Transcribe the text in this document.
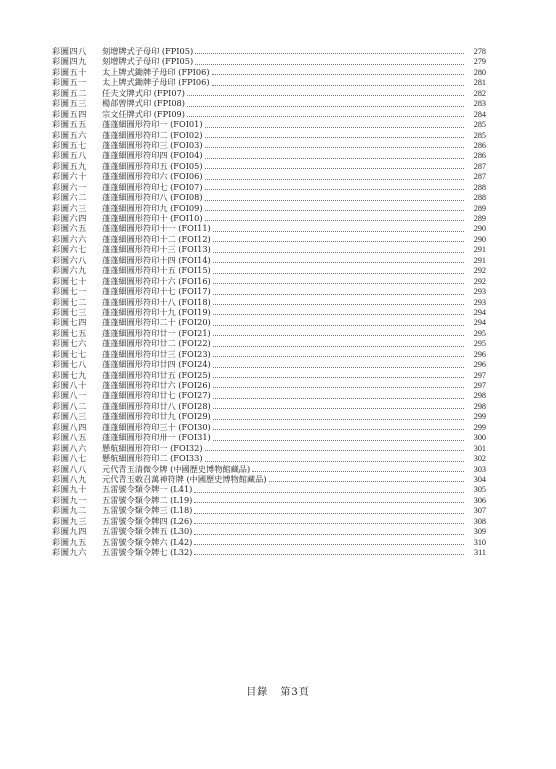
彩圖四八	刻增牌式子母印 (FPI05)	278
彩圖四九	刻增牌式子母印 (FPI05)	279
彩圖五十	太上牌式鋤牌子母印 (FPI06)	280
彩圖五一	太上牌式鋤牌子母印 (FPI06)	281
彩圖五二	任夫文牌式印 (FPI07)	282
彩圖五三	楊郃曾牌式印 (FPI08)	283
彩圖五四	宗文任牌式印 (FPI09)	284
彩圖五五	蓬蓬細圓形符印一 (FOI01)	285
彩圖五六	蓬蓬細圓形符印二 (FOI02)	285
彩圖五七	蓬蓬細圓形符印三 (FOI03)	286
彩圖五八	蓬蓬細圓形符印四 (FOI04)	286
彩圖五九	蓬蓬細圓形符印五 (FOI05)	287
彩圖六十	蓬蓬細圓形符印六 (FOI06)	287
彩圖六一	蓬蓬細圓形符印七 (FOI07)	288
彩圖六二	蓬蓬細圓形符印八 (FOI08)	288
彩圖六三	蓬蓬細圓形符印九 (FOI09)	289
彩圖六四	蓬蓬細圓形符印十 (FOI10)	289
彩圖六五	蓬蓬細圓形符印十一 (FOI11)	290
彩圖六六	蓬蓬細圓形符印十二 (FOI12)	290
彩圖六七	蓬蓬細圓形符印十三 (FOI13)	291
彩圖六八	蓬蓬細圓形符印十四 (FOI14)	291
彩圖六九	蓬蓬細圓形符印十五 (FOI15)	292
彩圖七十	蓬蓬細圓形符印十六 (FOI16)	292
彩圖七一	蓬蓬細圓形符印十七 (FOI17)	293
彩圖七二	蓬蓬細圓形符印十八 (FOI18)	293
彩圖七三	蓬蓬細圓形符印十九 (FOI19)	294
彩圖七四	蓬蓬細圓形符印二十 (FOI20)	294
彩圖七五	蓬蓬細圓形符印廿一 (FOI21)	295
彩圖七六	蓬蓬細圓形符印廿二 (FOI22)	295
彩圖七七	蓬蓬細圓形符印廿三 (FOI23)	296
彩圖七八	蓬蓬細圓形符印廿四 (FOI24)	296
彩圖七九	蓬蓬細圓形符印廿五 (FOI25)	297
彩圖八十	蓬蓬細圓形符印廿六 (FOI26)	297
彩圖八一	蓬蓬細圓形符印廿七 (FOI27)	298
彩圖八二	蓬蓬細圓形符印廿八 (FOI28)	298
彩圖八三	蓬蓬細圓形符印廿九 (FOI29)	299
彩圖八四	蓬蓬細圓形符印三十 (FOI30)	299
彩圖八五	蓬蓬細圓形符印卅一 (FOI31)	300
彩圖八六	懸航細圓形符印一 (FOI32)	301
彩圖八七	懸航細圓形符印二 (FOI33)	302
彩圖八八	元代青玉清微令牌 (中國歷史博物館藏品)	303
彩圖八九	元代青玉敕召萬神符牌 (中國歷史博物館藏品)	304
彩圖九十	五雷號令類令牌一 (L41)	305
彩圖九一	五雷號令類令牌二 (L19)	306
彩圖九二	五雷號令類令牌三 (L18)	307
彩圖九三	五雷號令類令牌四 (L26)	308
彩圖九四	五雷號令類令牌五 (L30)	309
彩圖九五	五雷號令類令牌六 (L42)	310
彩圖九六	五雷號令類令牌七 (L32)	311
目錄 第3頁
